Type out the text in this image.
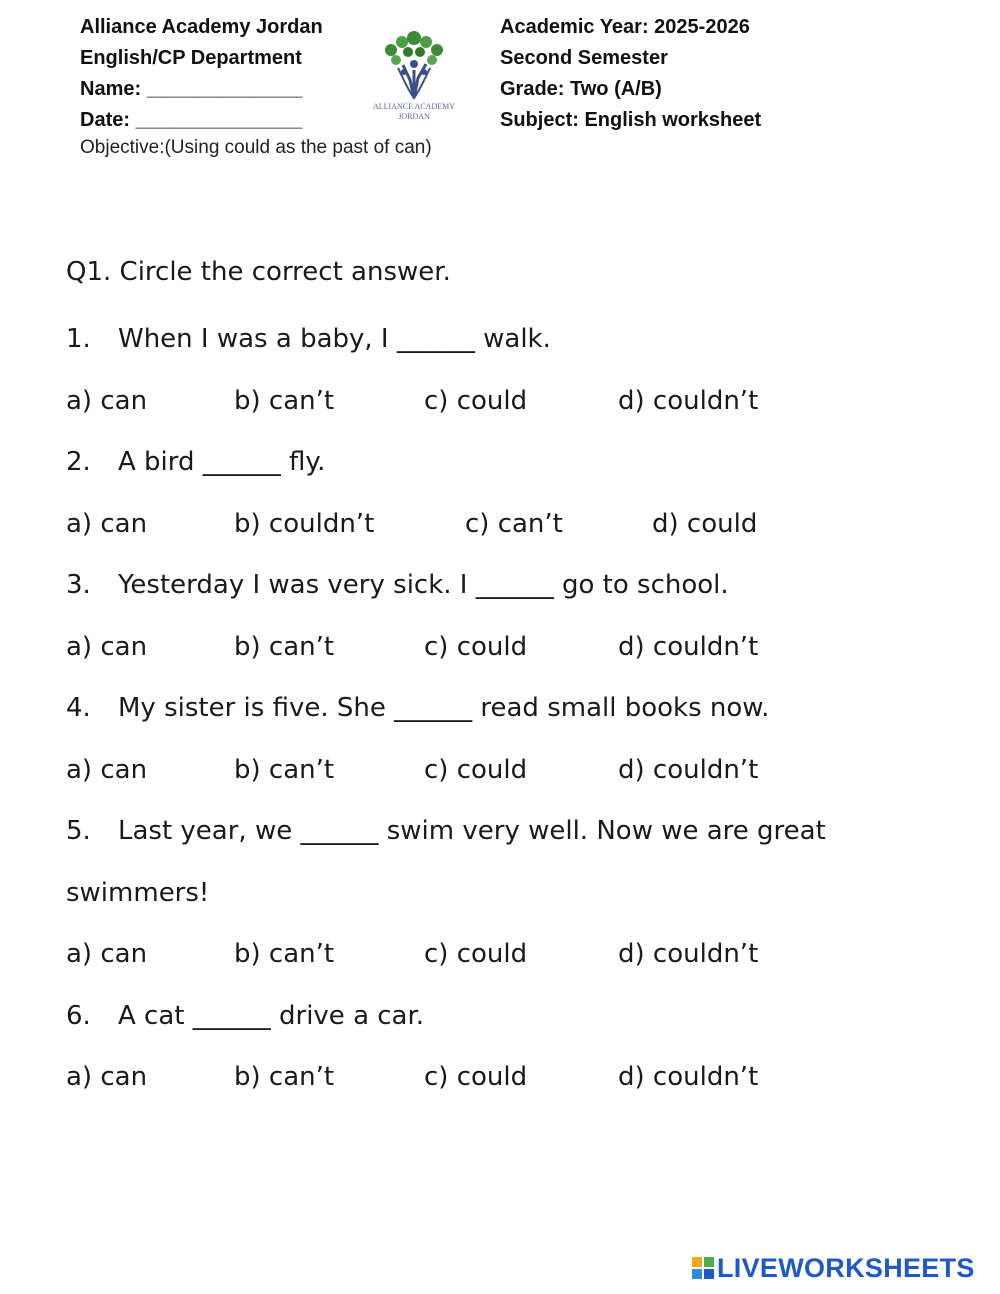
Alliance Academy Jordan
English/CP Department
Name: ______________
Date: _______________
ALLIANCE ACADEMY JORDAN
Academic Year: 2025-2026
Second Semester
Grade: Two (A/B)
Subject: English worksheet
Objective:(Using could as the past of can)
Q1. Circle the correct answer.
1. When I was a baby, I ______ walk.
a) can	b) can’t	c) could	d) couldn’t
2. A bird ______ fly.
a) can	b) couldn’t	c) can’t	d) could
3. Yesterday I was very sick. I ______ go to school.
a) can	b) can’t	c) could	d) couldn’t
4. My sister is five. She ______ read small books now.
a) can	b) can’t	c) could	d) couldn’t
5. Last year, we ______ swim very well. Now we are great
swimmers!
a) can	b) can’t	c) could	d) couldn’t
6. A cat ______ drive a car.
a) can	b) can’t	c) could	d) couldn’t
LIVEWORKSHEETS
